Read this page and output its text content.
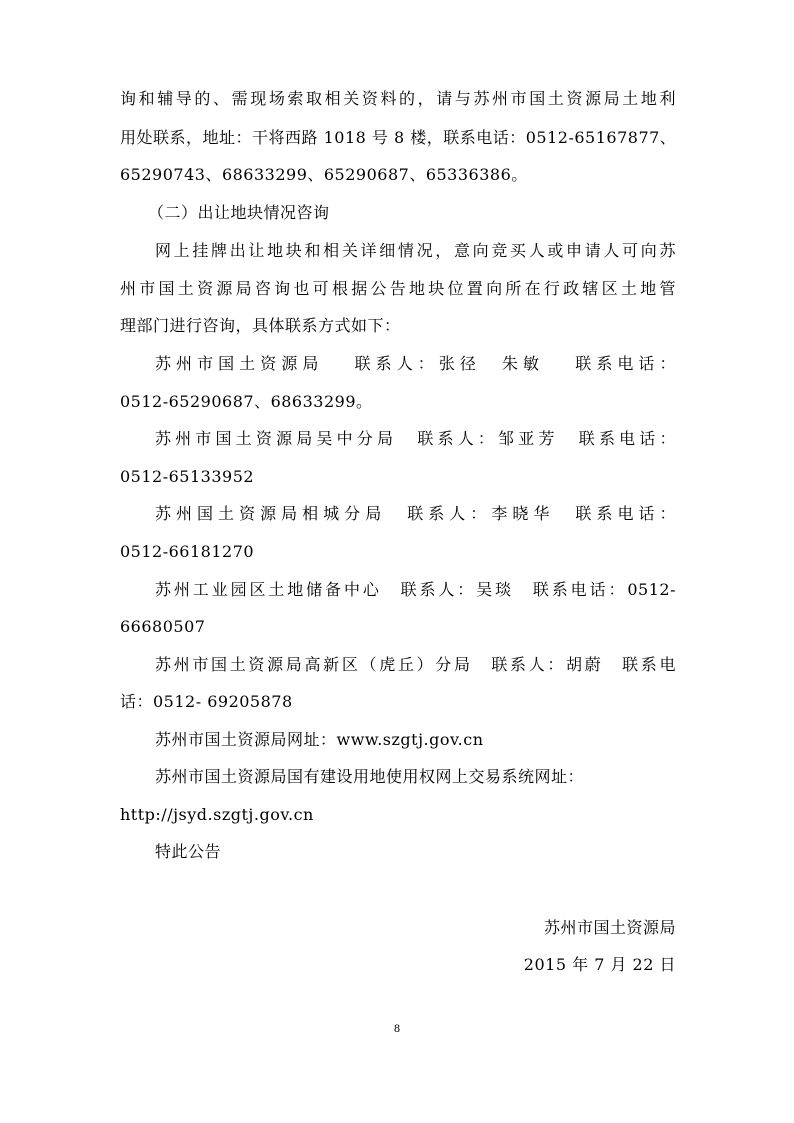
询和辅导的、需现场索取相关资料的，请与苏州市国土资源局土地利
用处联系，地址：干将西路 1018 号 8 楼，联系电话：0512-65167877、
65290743、68633299、65290687、65336386。
（二）出让地块情况咨询
网上挂牌出让地块和相关详细情况，意向竞买人或申请人可向苏
州市国土资源局咨询也可根据公告地块位置向所在行政辖区土地管
理部门进行咨询，具体联系方式如下：
苏州市国土资源局　 联系人：张径　朱敏　 联系电话：
0512-65290687、68633299。
苏州市国土资源局吴中分局　联系人：邹亚芳　联系电话：
0512-65133952
苏州国土资源局相城分局　联系人：李晓华　联系电话：
0512-66181270
苏州工业园区土地储备中心　联系人：吴琰　联系电话：0512-
66680507
苏州市国土资源局高新区（虎丘）分局　联系人：胡蔚　联系电
话：0512- 69205878
苏州市国土资源局网址：www.szgtj.gov.cn
苏州市国土资源局国有建设用地使用权网上交易系统网址：
http://jsyd.szgtj.gov.cn
特此公告
苏州市国土资源局
2015 年 7 月 22 日
8
